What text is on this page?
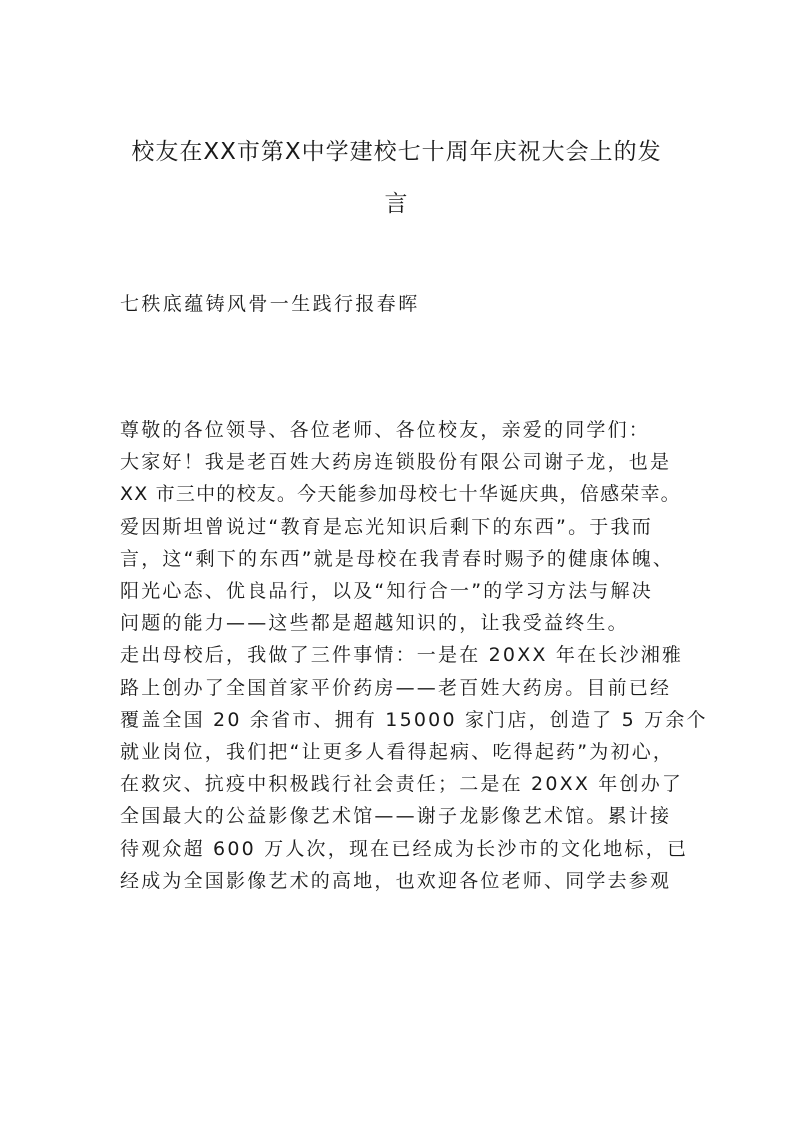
校友在XX市第X中学建校七十周年庆祝大会上的发
言

七秩底蕴铸风骨一生践行报春晖

尊敬的各位领导、各位老师、各位校友，亲爱的同学们：

大家好！我是老百姓大药房连锁股份有限公司谢子龙，也是

XX 市三中的校友。今天能参加母校七十华诞庆典，倍感荣幸。

爱因斯坦曾说过“教育是忘光知识后剩下的东西”。于我而

言，这“剩下的东西”就是母校在我青春时赐予的健康体魄、

阳光心态、优良品行，以及“知行合一”的学习方法与解决

问题的能力——这些都是超越知识的，让我受益终生。

走出母校后，我做了三件事情：一是在 20XX 年在长沙湘雅

路上创办了全国首家平价药房——老百姓大药房。目前已经

覆盖全国 20 余省市、拥有 15000 家门店，创造了 5 万余个

就业岗位，我们把“让更多人看得起病、吃得起药”为初心，

在救灾、抗疫中积极践行社会责任；二是在 20XX 年创办了

全国最大的公益影像艺术馆——谢子龙影像艺术馆。累计接

待观众超 600 万人次，现在已经成为长沙市的文化地标，已

经成为全国影像艺术的高地，也欢迎各位老师、同学去参观
